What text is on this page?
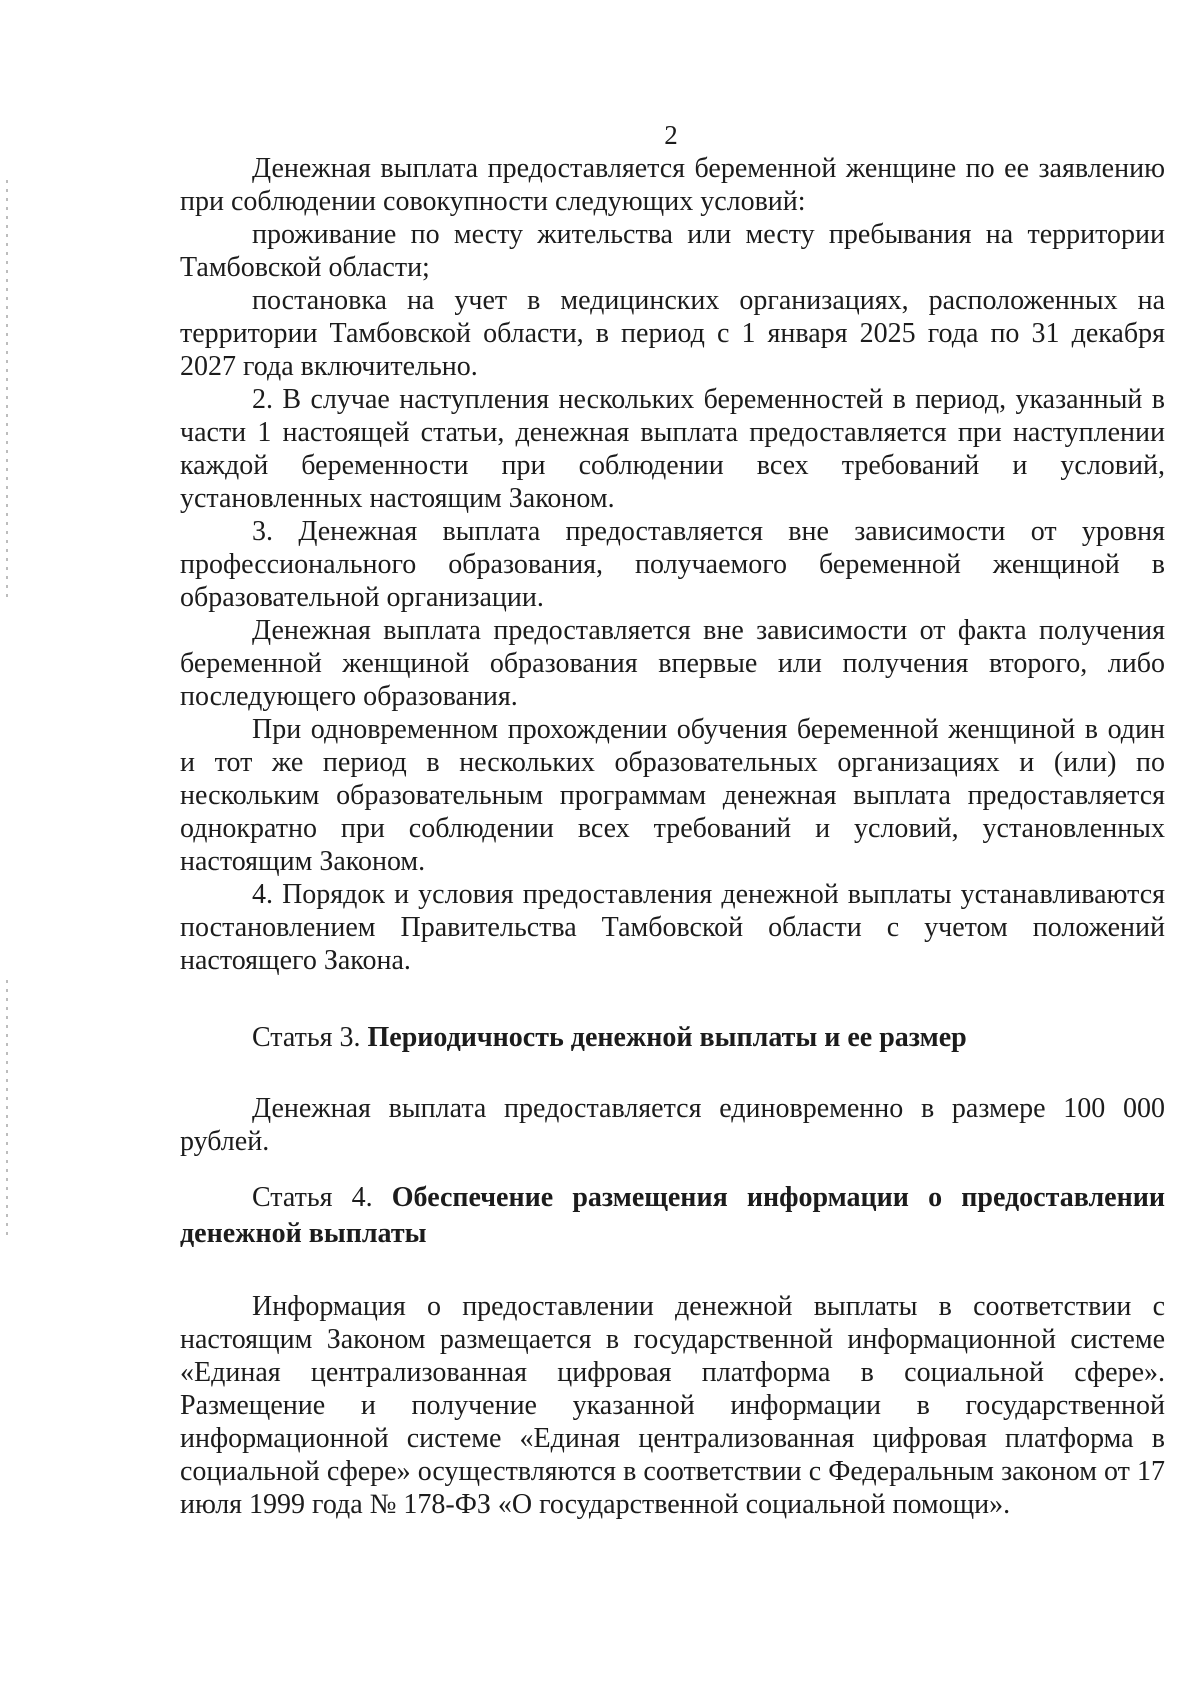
2

Денежная выплата предоставляется беременной женщине по ее заявлению при соблюдении совокупности следующих условий:

проживание по месту жительства или месту пребывания на территории Тамбовской области;

постановка на учет в медицинских организациях, расположенных на территории Тамбовской области, в период с 1 января 2025 года по 31 декабря 2027 года включительно.

2. В случае наступления нескольких беременностей в период, указанный в части 1 настоящей статьи, денежная выплата предоставляется при наступлении каждой беременности при соблюдении всех требований и условий, установленных настоящим Законом.

3. Денежная выплата предоставляется вне зависимости от уровня профессионального образования, получаемого беременной женщиной в образовательной организации.

Денежная выплата предоставляется вне зависимости от факта получения беременной женщиной образования впервые или получения второго, либо последующего образования.

При одновременном прохождении обучения беременной женщиной в один и тот же период в нескольких образовательных организациях и (или) по нескольким образовательным программам денежная выплата предоставляется однократно при соблюдении всех требований и условий, установленных настоящим Законом.

4. Порядок и условия предоставления денежной выплаты устанавливаются постановлением Правительства Тамбовской области с учетом положений настоящего Закона.

Статья 3. Периодичность денежной выплаты и ее размер

Денежная выплата предоставляется единовременно в размере 100 000 рублей.

Статья 4. Обеспечение размещения информации о предоставлении денежной выплаты

Информация о предоставлении денежной выплаты в соответствии с настоящим Законом размещается в государственной информационной системе «Единая централизованная цифровая платформа в социальной сфере». Размещение и получение указанной информации в государственной информационной системе «Единая централизованная цифровая платформа в социальной сфере» осуществляются в соответствии с Федеральным законом от 17 июля 1999 года № 178-ФЗ «О государственной социальной помощи».
